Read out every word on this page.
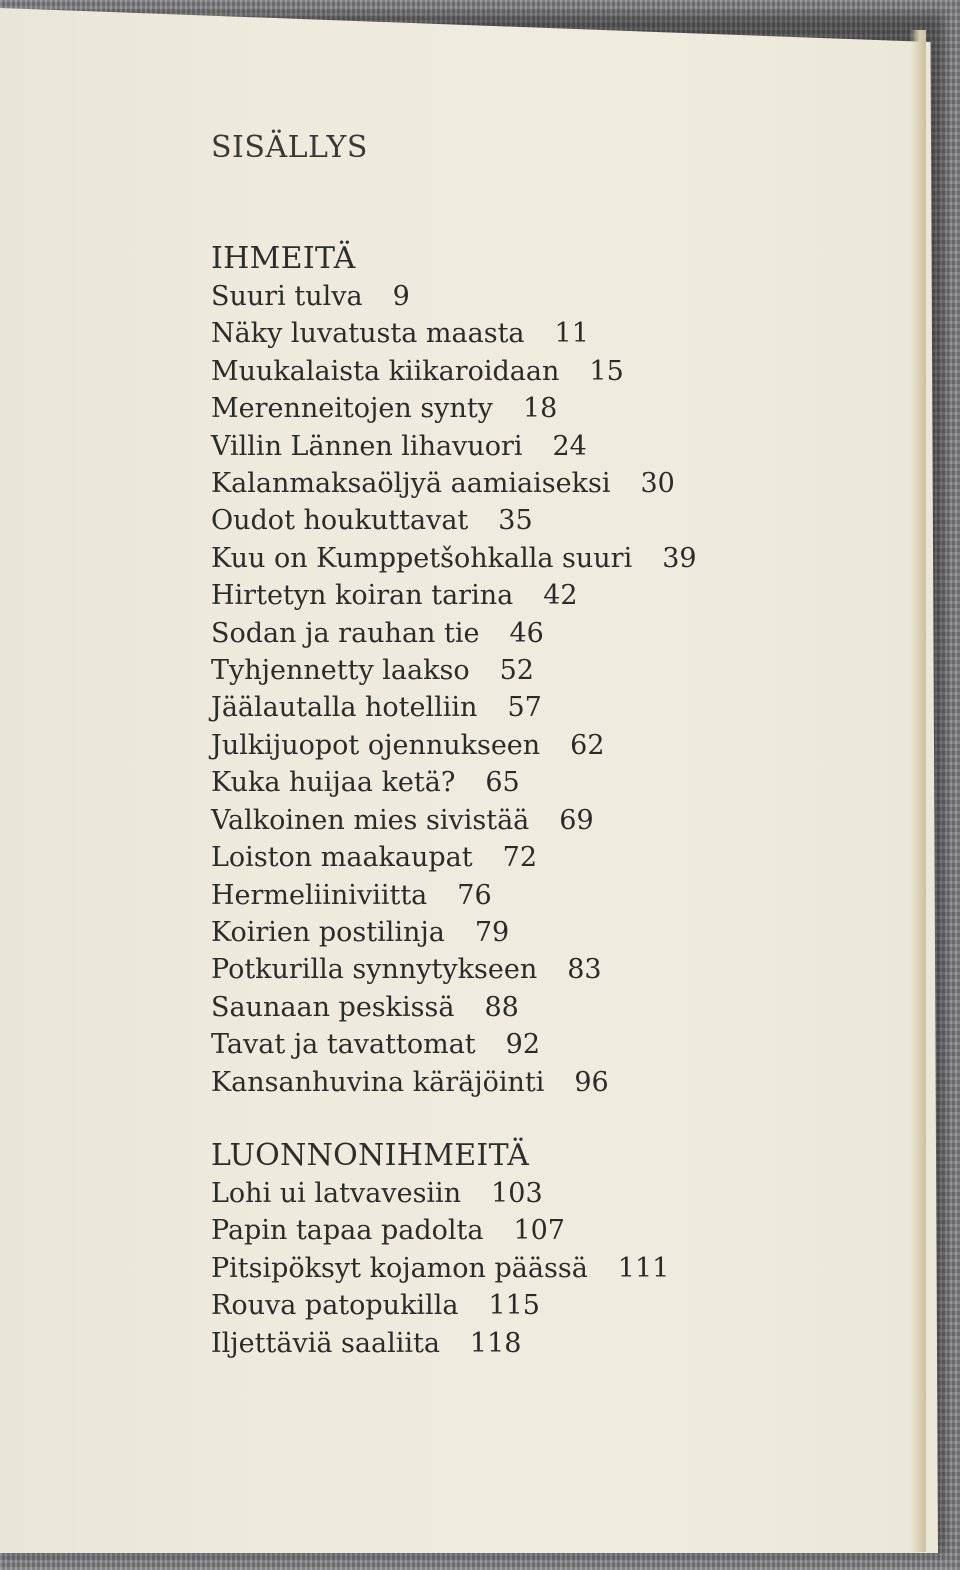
SISÄLLYS
IHMEITÄ
Suuri tulva 9
Näky luvatusta maasta 11
Muukalaista kiikaroidaan 15
Merenneitojen synty 18
Villin Lännen lihavuori 24
Kalanmaksaöljyä aamiaiseksi 30
Oudot houkuttavat 35
Kuu on Kumppetšohkalla suuri 39
Hirtetyn koiran tarina 42
Sodan ja rauhan tie 46
Tyhjennetty laakso 52
Jäälautalla hotelliin 57
Julkijuopot ojennukseen 62
Kuka huijaa ketä? 65
Valkoinen mies sivistää 69
Loiston maakaupat 72
Hermeliiniviitta 76
Koirien postilinja 79
Potkurilla synnytykseen 83
Saunaan peskissä 88
Tavat ja tavattomat 92
Kansanhuvina käräjöinti 96
LUONNONIHMEITÄ
Lohi ui latvavesiin 103
Papin tapaa padolta 107
Pitsipöksyt kojamon päässä 111
Rouva patopukilla 115
Iljettäviä saaliita 118
